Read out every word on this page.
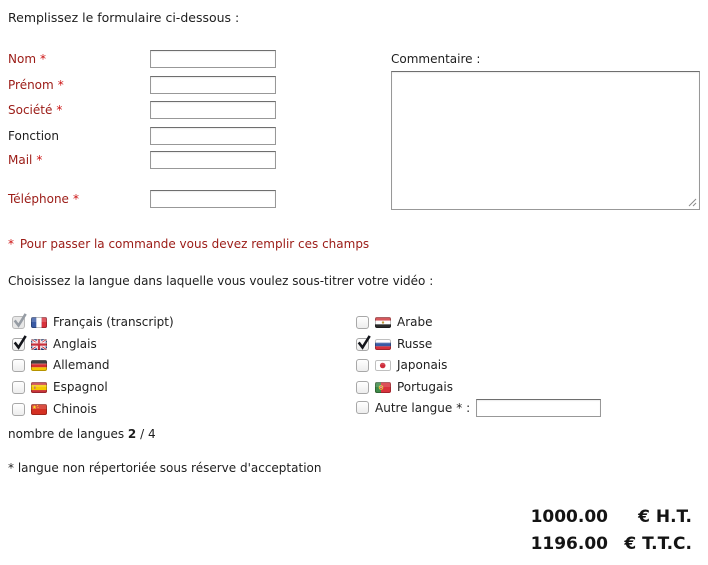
Remplissez le formulaire ci-dessous :
Nom *
Prénom *
Société *
Fonction
Mail *
Téléphone *
Commentaire :
* Pour passer la commande vous devez remplir ces champs
Choisissez la langue dans laquelle vous voulez sous-titrer votre vidéo :
Français (transcript)
Anglais
Allemand
Espagnol
Chinois
Arabe
Russe
Japonais
Portugais
Autre langue * :
nombre de langues 2 / 4
* langue non répertoriée sous réserve d'acceptation
1000.00	€ H.T.
1196.00 € T.T.C.
